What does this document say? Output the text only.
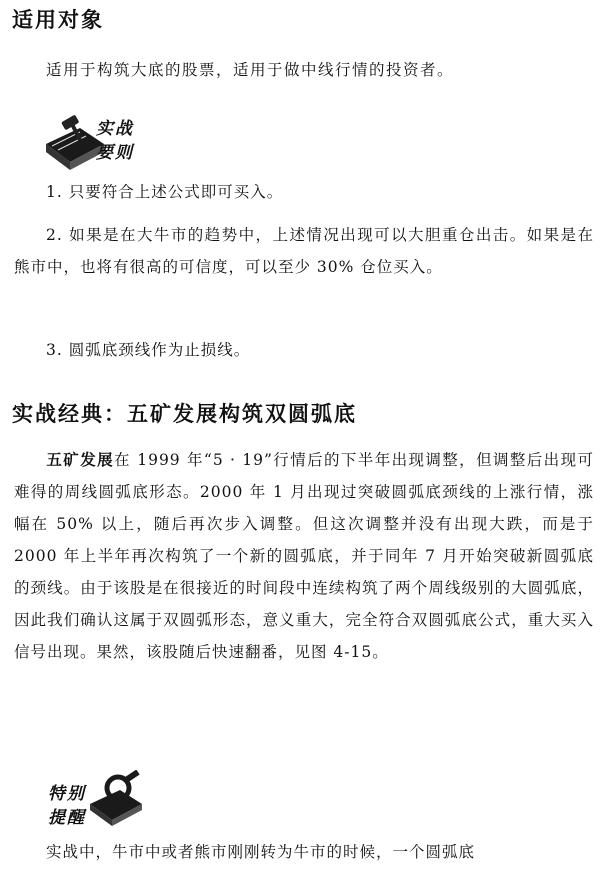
适用对象
适用于构筑大底的股票，适用于做中线行情的投资者。
实战
要则
1. 只要符合上述公式即可买入。
2. 如果是在大牛市的趋势中，上述情况出现可以大胆重仓出击。如果是在熊市中，也将有很高的可信度，可以至少 30% 仓位买入。
3. 圆弧底颈线作为止损线。
实战经典：五矿发展构筑双圆弧底
五矿发展在 1999 年“5 · 19”行情后的下半年出现调整，但调整后出现可难得的周线圆弧底形态。2000 年 1 月出现过突破圆弧底颈线的上涨行情，涨幅在 50% 以上，随后再次步入调整。但这次调整并没有出现大跌，而是于 2000 年上半年再次构筑了一个新的圆弧底，并于同年 7 月开始突破新圆弧底的颈线。由于该股是在很接近的时间段中连续构筑了两个周线级别的大圆弧底，因此我们确认这属于双圆弧形态，意义重大，完全符合双圆弧底公式，重大买入信号出现。果然，该股随后快速翻番，见图 4-15。
特别
提醒
实战中，牛市中或者熊市刚刚转为牛市的时候，一个圆弧底
